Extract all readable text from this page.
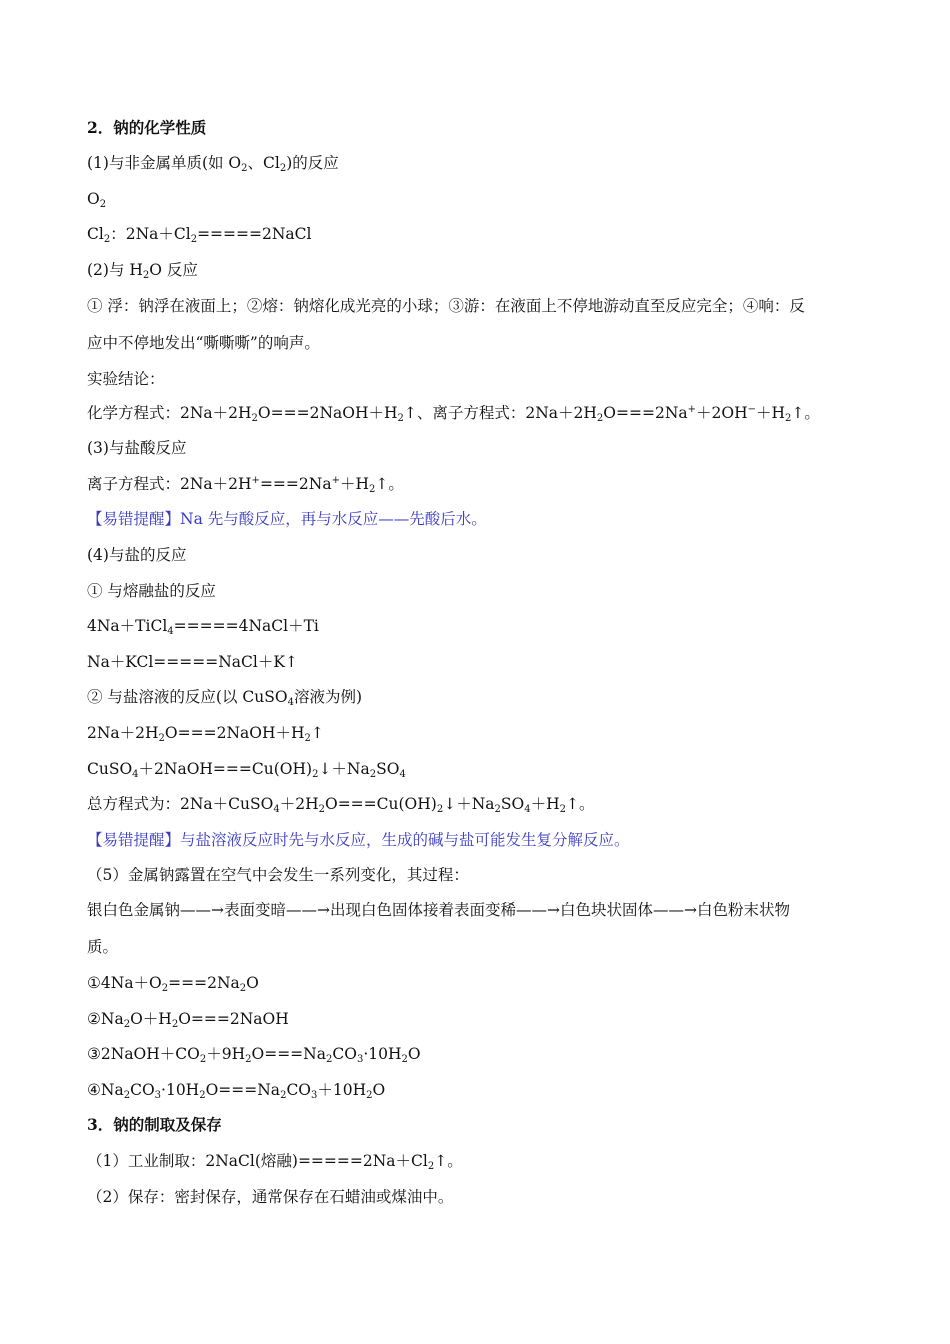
2．钠的化学性质
(1)与非金属单质(如 $O_2$、$Cl_2$)的反应
$O_2$
$Cl_2$：$2Na+Cl_2=====2NaCl$
(2)与 $H_2O$ 反应
① 浮：钠浮在液面上；②熔：钠熔化成光亮的小球；③游：在液面上不停地游动直至反应完全；④响：反
应中不停地发出“嘶嘶嘶”的响声。
实验结论：
化学方程式：$2Na+2H_2O===2NaOH+H_2↑$、离子方程式：$2Na+2H_2O===2Na^++2OH^-+H_2↑$。
(3)与盐酸反应
离子方程式：$2Na+2H^+===2Na^++H_2↑$。
【易错提醒】Na 先与酸反应，再与水反应——先酸后水。
(4)与盐的反应
① 与熔融盐的反应
4Na＋TiCl$_4$=====4NaCl＋Ti
Na＋KCl=====NaCl＋K↑
② 与盐溶液的反应(以 CuSO$_4$溶液为例)
$2Na+2H_2O===2NaOH+H_2↑$
$CuSO_4+2NaOH===Cu(OH)_2↓+Na_2SO_4$
总方程式为：$2Na+CuSO_4+2H_2O===Cu(OH)_2↓+Na_2SO_4+H_2↑$。
【易错提醒】与盐溶液反应时先与水反应，生成的碱与盐可能发生复分解反应。
（5）金属钠露置在空气中会发生一系列变化，其过程：
银白色金属钠——→表面变暗——→出现白色固体接着表面变稀——→白色块状固体——→白色粉末状物
质。
$①4Na+O_2===2Na_2O$
$②Na_2O+H_2O===2NaOH$
$③2NaOH+CO_2+9H_2O===Na_2CO_3\cdot 10H_2O$
$④Na_2CO_3\cdot 10H_2O===Na_2CO_3+10H_2O$
3．钠的制取及保存
（1）工业制取：2NaCl(熔融)$=====2Na+Cl_2↑$。
（2）保存：密封保存，通常保存在石蜡油或煤油中。
